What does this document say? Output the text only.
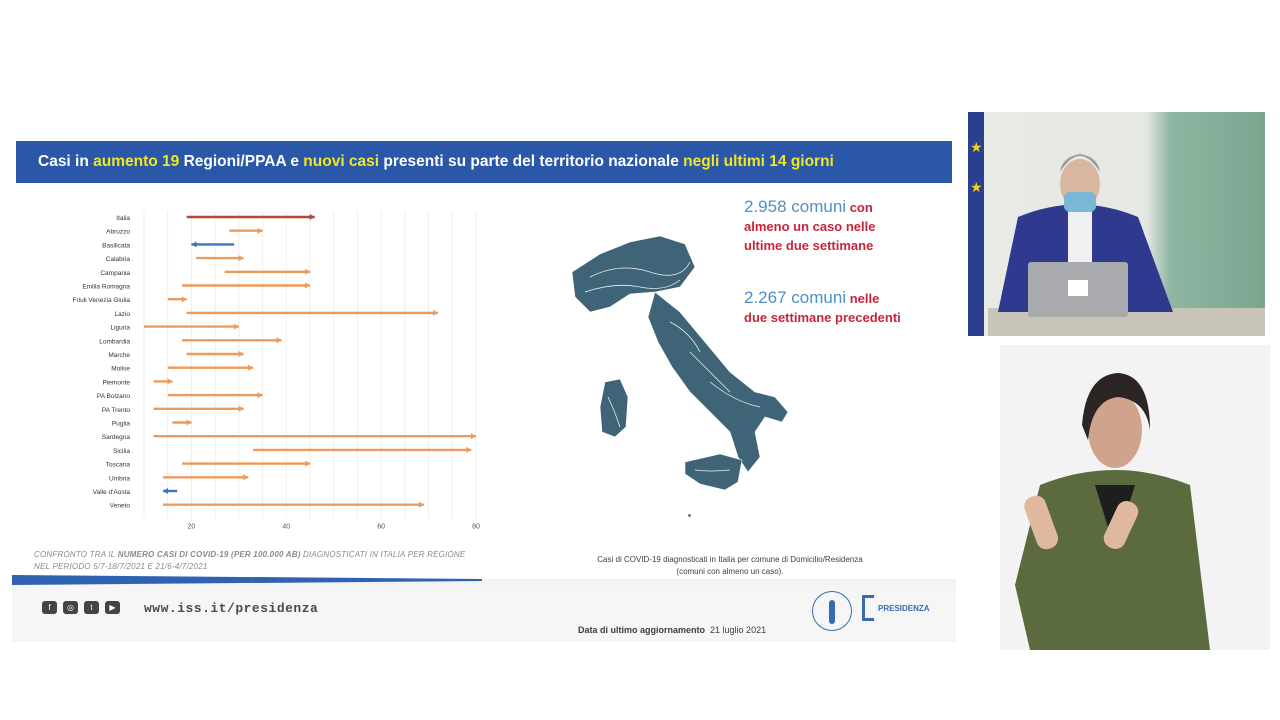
Casi in aumento 19 Regioni/PPAA e nuovi casi presenti su parte del territorio nazionale negli ultimi 14 giorni
Italia
Abruzzo
Basilicata
Calabria
Campania
Emilia Romagna
Friuli Venezia Giulia
Lazio
Liguria
Lombardia
Marche
Molise
Piemonte
PA Bolzano
PA Trento
Puglia
Sardegna
Sicilia
Toscana
Umbria
Valle d'Aosta
Veneto
20	40	60	80
CONFRONTO TRA IL NUMERO CASI DI COVID-19 (PER 100.000 AB) DIAGNOSTICATI IN ITALIA PER REGIONE NEL PERIODO 5/7-18/7/2021 E 21/6-4/7/2021
2.958 comuni con
almeno un caso nelle
ultime due settimane
2.267 comuni nelle
due settimane precedenti
Casi di COVID-19 diagnosticati in Italia per comune di Domicilio/Residenza
(comuni con almeno un caso).
f	◎	t	▶	www.iss.it/presidenza
Data di ultimo aggiornamento 21 luglio 2021
PRESIDENZA
★
★
